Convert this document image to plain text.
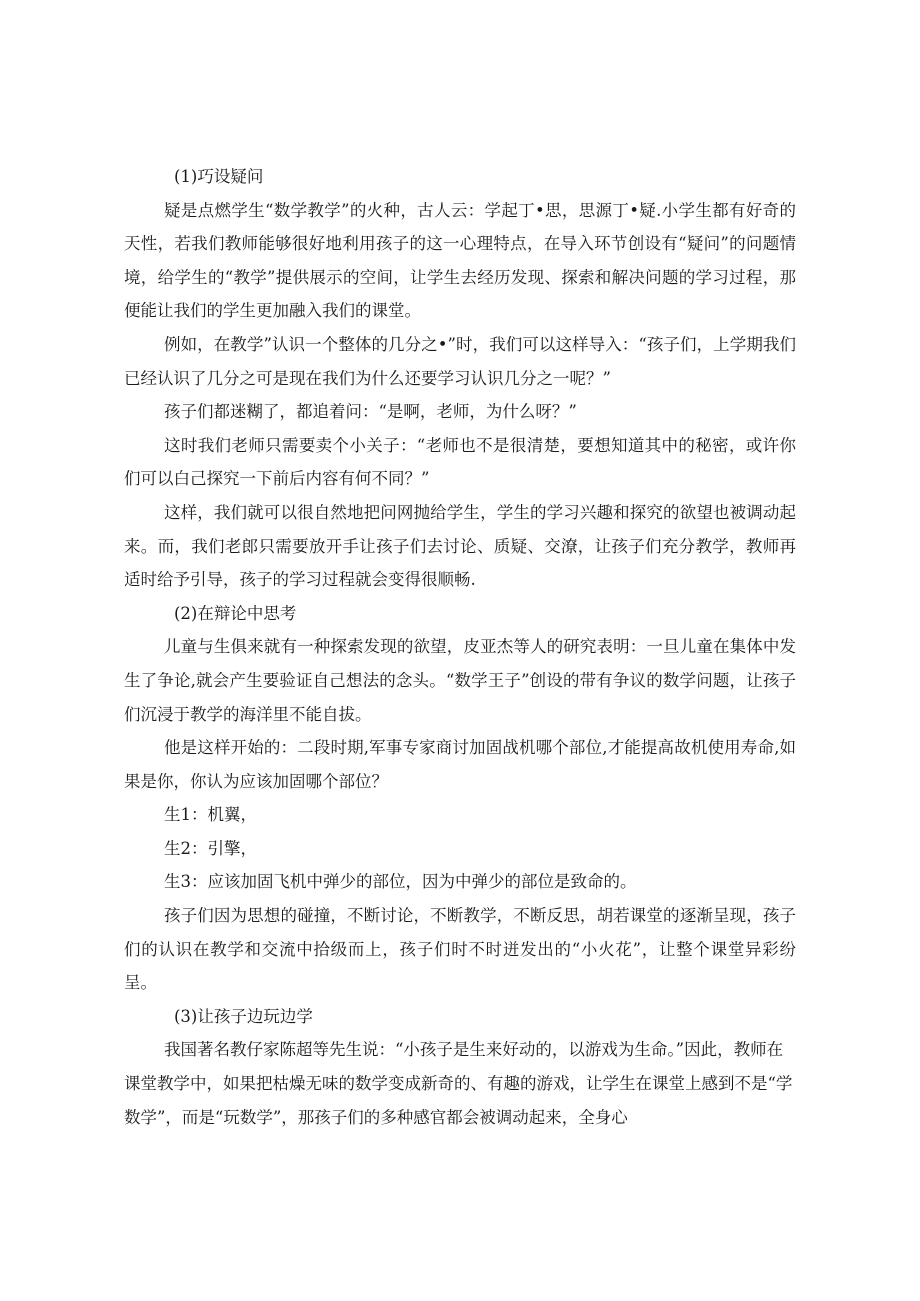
(1)巧设疑问

疑是点燃学生“数学教学”的火种，古人云：学起丁•思，思源丁•疑.小学生都有好奇的天性，若我们教师能够很好地利用孩子的这一心理特点，在导入环节创设有“疑问”的问题情境，给学生的“教学”提供展示的空间，让学生去经历发现、探索和解决问题的学习过程，那便能让我们的学生更加融入我们的课堂。

例如，在教学”认识一个整体的几分之•”时，我们可以这样导入：“孩子们，上学期我们已经认识了几分之可是现在我们为什么还要学习认识几分之一呢？”

孩子们都迷糊了，都追着问：“是啊，老师，为什么呀？”

这时我们老师只需要卖个小关子：“老师也不是很清楚，要想知道其中的秘密，或许你们可以白己探究一下前后内容有何不同？”

这样，我们就可以很自然地把问网抛给学生，学生的学习兴趣和探究的欲望也被调动起来。而，我们老郎只需要放开手让孩子们去讨论、质疑、交潦，让孩子们充分教学，教师再适时给予引导，孩子的学习过程就会变得很顺畅.

(2)在辩论中思考

儿童与生俱来就有一种探索发现的欲望，皮亚杰等人的研究表明：一旦儿童在集体中发生了争论,就会产生要验证自己想法的念头。“数学王子”创设的带有争议的数学问题，让孩子们沉浸于教学的海洋里不能自拔。

他是这样开始的：二段时期,军事专家商讨加固战机哪个部位,才能提高故机使用寿命,如果是你，你认为应该加固哪个部位？

生1：机翼，

生2：引擎，

生3：应该加固飞机中弹少的部位，因为中弹少的部位是致命的。

孩子们因为思想的碰撞，不断讨论，不断教学，不断反思，胡若课堂的逐渐呈现，孩子们的认识在教学和交流中拾级而上，孩子们时不时迸发出的“小火花”，让整个课堂异彩纷呈。

(3)让孩子边玩边学

我国著名教仔家陈超等先生说：“小孩子是生来好动的，以游戏为生命。”因此，教师在课堂教学中，如果把枯燥无味的数学变成新奇的、有趣的游戏，让学生在课堂上感到不是“学数学”，而是“玩数学”，那孩子们的多种感官都会被调动起来，全身心
